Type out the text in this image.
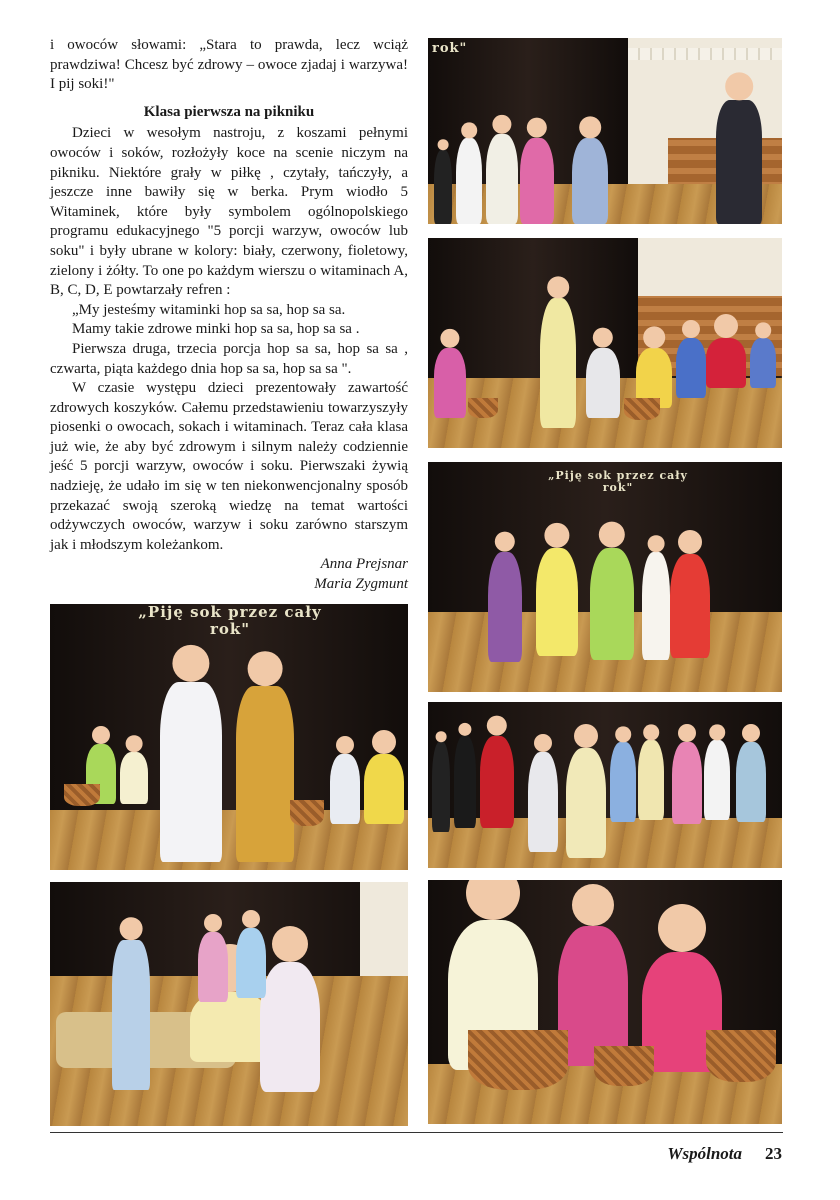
i owoców słowami: „Stara to prawda, lecz wciąż prawdziwa! Chcesz być zdrowy – owoce zjadaj i warzywa! I pij soki!"

Klasa pierwsza na pikniku

Dzieci w wesołym nastroju, z koszami pełnymi owoców i soków, rozłożyły koce na scenie niczym na pikniku. Niektóre grały w piłkę , czytały, tańczyły, a jeszcze inne bawiły się w berka. Prym wiodło 5 Witaminek, które były symbolem ogólnopolskiego programu edukacyjnego "5 porcji warzyw, owoców lub soku" i były ubrane w kolory: biały, czerwony, fioletowy, zielony i żółty. To one po każdym wierszu o witaminach A, B, C, D, E powtarzały refren :

„My jesteśmy witaminki hop sa sa, hop sa sa.

Mamy takie zdrowe minki hop sa sa, hop sa sa .

Pierwsza druga, trzecia porcja hop sa sa, hop sa sa , czwarta, piąta każdego dnia hop sa sa, hop sa sa ".

W czasie występu dzieci prezentowały zawartość zdrowych koszyków. Całemu przedstawieniu towarzyszyły piosenki o owocach, sokach i witaminach. Teraz cała klasa już wie, że aby być zdrowym i silnym należy codziennie jeść 5 porcji warzyw, owoców i soku. Pierwszaki żywią nadzieję, że udało im się w ten niekonwencjonalny sposób przekazać swoją szeroką wiedzę na temat wartości odżywczych owoców, warzyw i soku zarówno starszym jak i młodszym koleżankom.

Anna Prejsnar

Maria Zygmunt

rok"
„Piję sok przez cały rok"
„Piję sok przez cały rok"
Wspólnota 23
